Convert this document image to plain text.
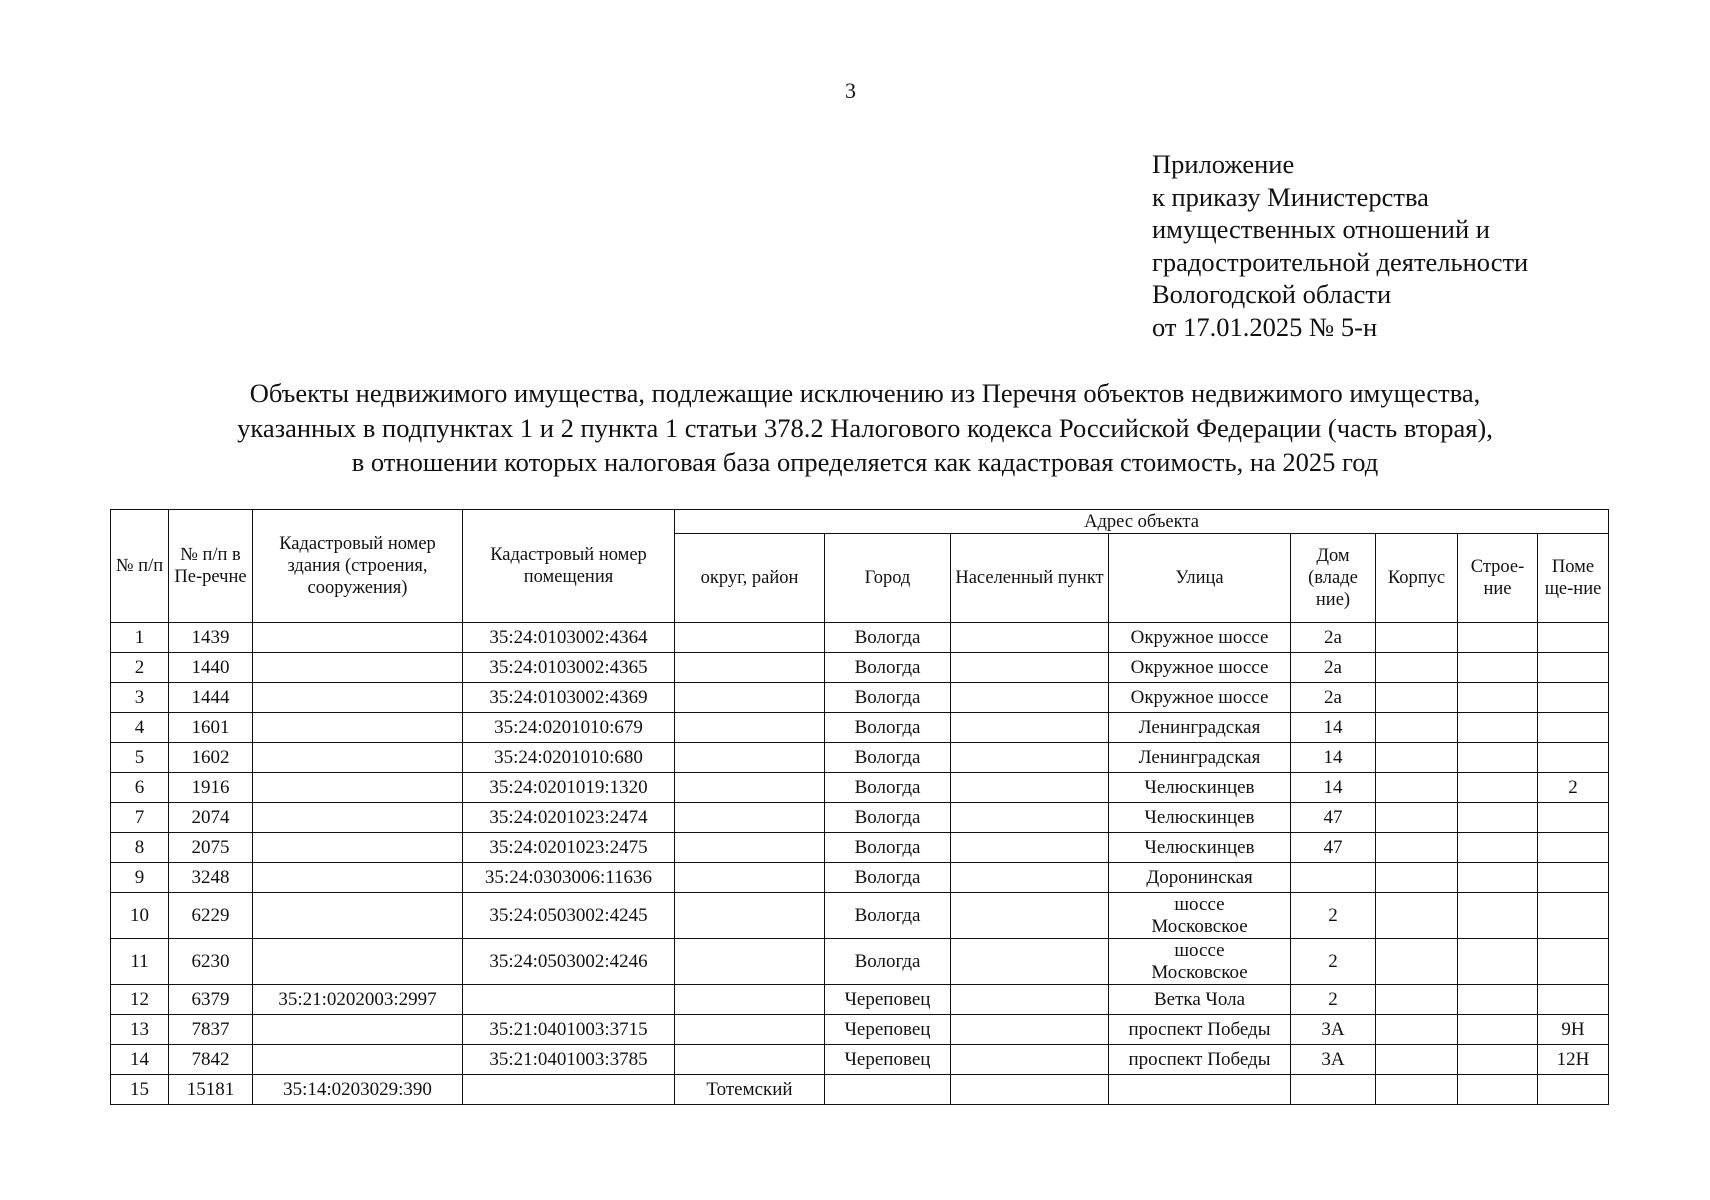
3
Приложение
к приказу Министерства
имущественных отношений и
градостроительной деятельности
Вологодской области
от 17.01.2025 № 5-н
Объекты недвижимого имущества, подлежащие исключению из Перечня объектов недвижимого имущества,
указанных в подпунктах 1 и 2 пункта 1 статьи 378.2 Налогового кодекса Российской Федерации (часть вторая),
в отношении которых налоговая база определяется как кадастровая стоимость, на 2025 год
№ п/п	№ п/п в Пе-речне	Кадастровый номер здания (строения, сооружения)	Кадастровый номер помещения	Адрес объекта							
				округ, район	Город	Населенный пункт	Улица	Дом (владе ние)	Корпус	Строе-ние	Поме ще-ние
1	1439		35:24:0103002:4364		Вологда		Окружное шоссе	2а			
2	1440		35:24:0103002:4365		Вологда		Окружное шоссе	2а			
3	1444		35:24:0103002:4369		Вологда		Окружное шоссе	2а			
4	1601		35:24:0201010:679		Вологда		Ленинградская	14			
5	1602		35:24:0201010:680		Вологда		Ленинградская	14			
6	1916		35:24:0201019:1320		Вологда		Челюскинцев	14			2
7	2074		35:24:0201023:2474		Вологда		Челюскинцев	47			
8	2075		35:24:0201023:2475		Вологда		Челюскинцев	47			
9	3248		35:24:0303006:11636		Вологда		Доронинская				
10	6229		35:24:0503002:4245		Вологда		шоссе
Московское	2			
11	6230		35:24:0503002:4246		Вологда		шоссе
Московское	2			
12	6379	35:21:0202003:2997			Череповец		Ветка Чола	2			
13	7837		35:21:0401003:3715		Череповец		проспект Победы	3А			9Н
14	7842		35:21:0401003:3785		Череповец		проспект Победы	3А			12Н
15	15181	35:14:0203029:390		Тотемский							
